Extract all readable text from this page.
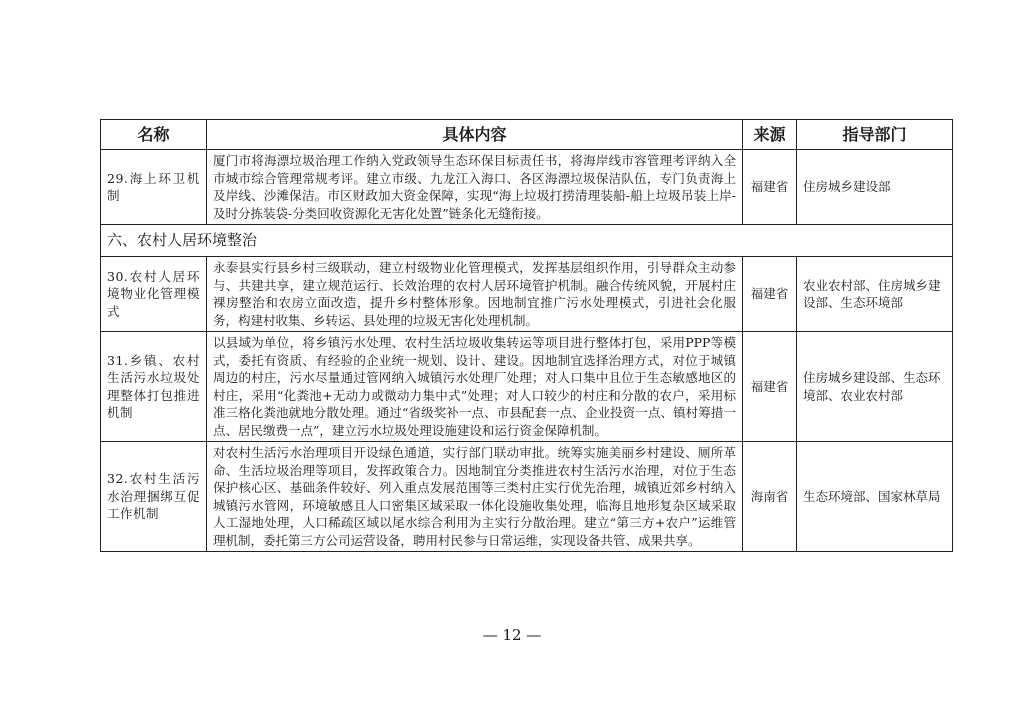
名称	具体内容	来源	指导部门
29.海上环卫机制	厦门市将海漂垃圾治理工作纳入党政领导生态环保目标责任书，将海岸线市容管理考评纳入全市城市综合管理常规考评。建立市级、九龙江入海口、各区海漂垃圾保洁队伍，专门负责海上及岸线、沙滩保洁。市区财政加大资金保障，实现“海上垃圾打捞清理装船-船上垃圾吊装上岸-及时分拣装袋-分类回收资源化无害化处置”链条化无缝衔接。	福建省	住房城乡建设部
六、农村人居环境整治			
30.农村人居环境物业化管理模式	永泰县实行县乡村三级联动，建立村级物业化管理模式，发挥基层组织作用，引导群众主动参与、共建共享，建立规范运行、长效治理的农村人居环境管护机制。融合传统风貌，开展村庄裸房整治和农房立面改造，提升乡村整体形象。因地制宜推广污水处理模式，引进社会化服务，构建村收集、乡转运、县处理的垃圾无害化处理机制。	福建省	农业农村部、住房城乡建设部、生态环境部
31.乡镇、农村生活污水垃圾处理整体打包推进机制	以县域为单位，将乡镇污水处理、农村生活垃圾收集转运等项目进行整体打包，采用PPP等模式，委托有资质、有经验的企业统一规划、设计、建设。因地制宜选择治理方式，对位于城镇周边的村庄，污水尽量通过管网纳入城镇污水处理厂处理；对人口集中且位于生态敏感地区的村庄，采用“化粪池+无动力或微动力集中式”处理；对人口较少的村庄和分散的农户，采用标准三格化粪池就地分散处理。通过“省级奖补一点、市县配套一点、企业投资一点、镇村筹措一点、居民缴费一点”，建立污水垃圾处理设施建设和运行资金保障机制。	福建省	住房城乡建设部、生态环境部、农业农村部
32.农村生活污水治理捆绑互促工作机制	对农村生活污水治理项目开设绿色通道，实行部门联动审批。统筹实施美丽乡村建设、厕所革命、生活垃圾治理等项目，发挥政策合力。因地制宜分类推进农村生活污水治理，对位于生态保护核心区、基础条件较好、列入重点发展范围等三类村庄实行优先治理，城镇近郊乡村纳入城镇污水管网，环境敏感且人口密集区域采取一体化设施收集处理，临海且地形复杂区域采取人工湿地处理，人口稀疏区域以尾水综合利用为主实行分散治理。建立“第三方+农户”运维管理机制，委托第三方公司运营设备，聘用村民参与日常运维，实现设备共管、成果共享。	海南省	生态环境部、国家林草局
— 12 —
